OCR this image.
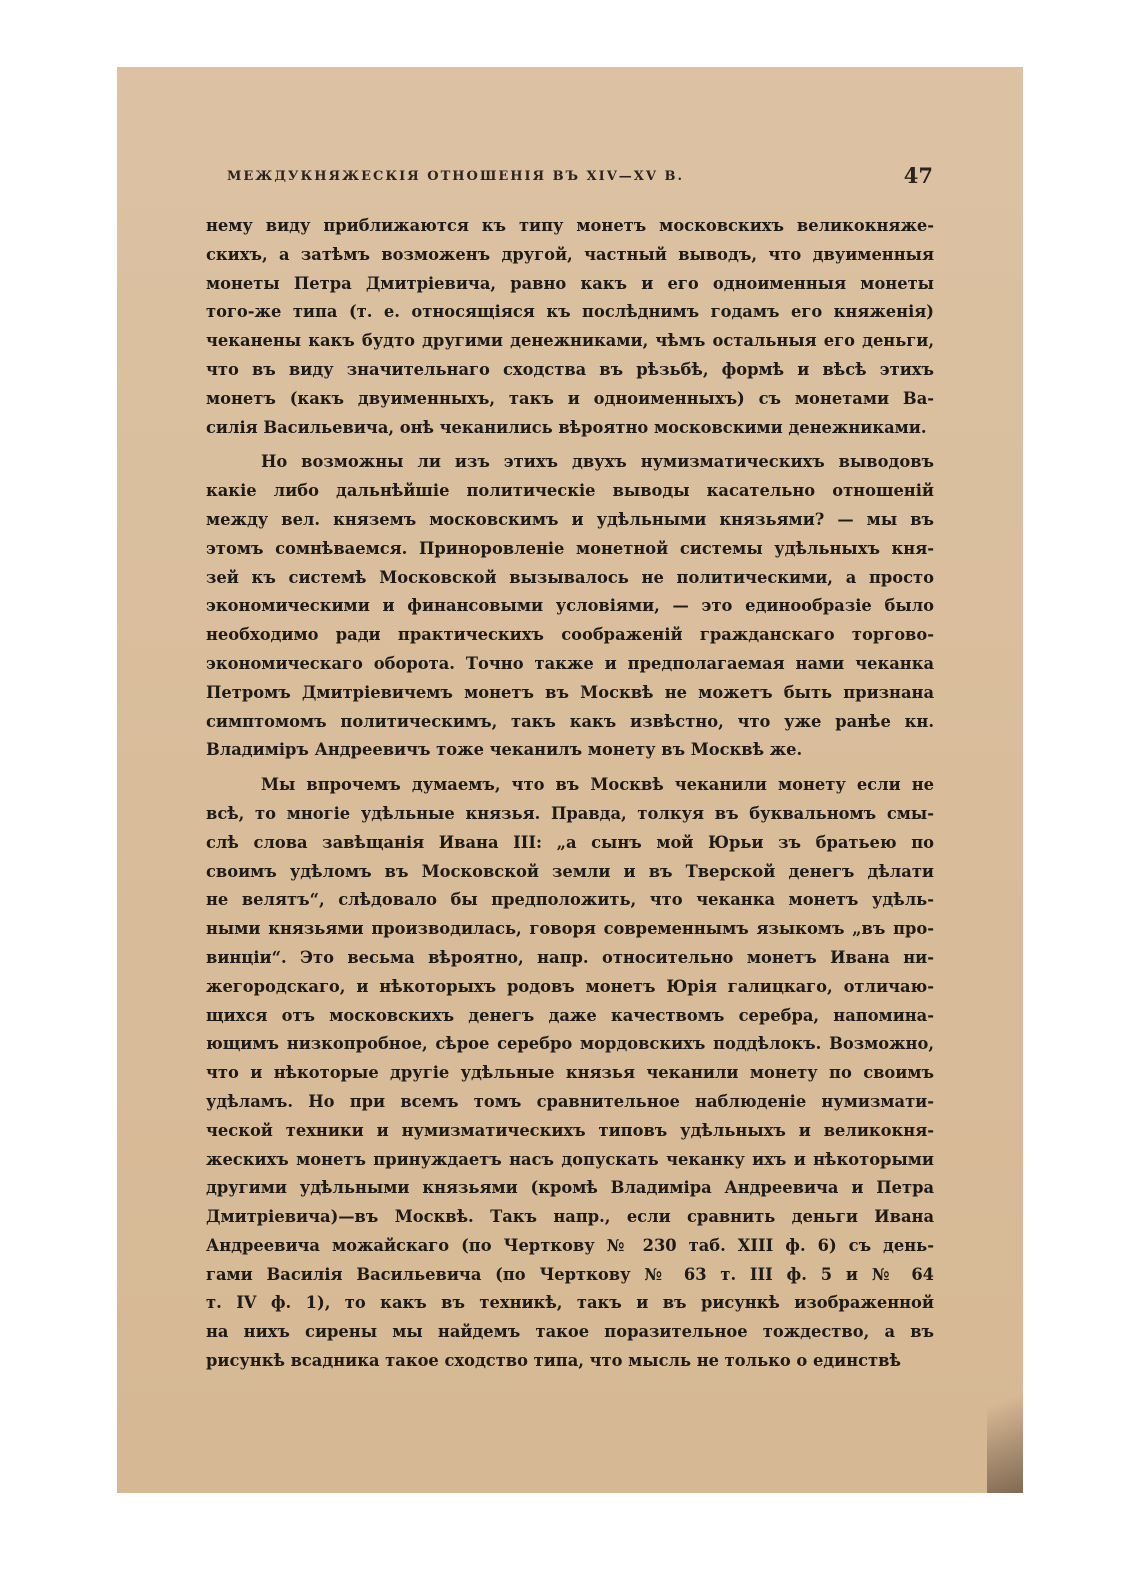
МЕЖДУКНЯЖЕСКІЯ ОТНОШЕНІЯ ВЪ XIV—XV В.	47
нему виду приближаются къ типу монетъ московскихъ великокняже-
скихъ, а затѣмъ возможенъ другой, частный выводъ, что двуименныя
монеты Петра Дмитріевича, равно какъ и его одноименныя монеты
того-же типа (т. е. относящіяся къ послѣднимъ годамъ его княженія)
чеканены какъ будто другими денежниками, чѣмъ остальныя его деньги,
что въ виду значительнаго сходства въ рѣзьбѣ, формѣ и вѣсѣ этихъ
монетъ (какъ двуименныхъ, такъ и одноименныхъ) съ монетами Ва-
силія Васильевича, онѣ чеканились вѣроятно московскими денежниками.
Но возможны ли изъ этихъ двухъ нумизматическихъ выводовъ
какіе либо дальнѣйшіе политическіе выводы касательно отношеній
между вел. княземъ московскимъ и удѣльными князьями? — мы въ
этомъ сомнѣваемся. Приноровленіе монетной системы удѣльныхъ кня-
зей къ системѣ Московской вызывалось не политическими, а просто
экономическими и финансовыми условіями, — это единообразіе было
необходимо ради практическихъ соображеній гражданскаго торгово-
экономическаго оборота. Точно также и предполагаемая нами чеканка
Петромъ Дмитріевичемъ монетъ въ Москвѣ не можетъ быть признана
симптомомъ политическимъ, такъ какъ извѣстно, что уже ранѣе кн.
Владиміръ Андреевичъ тоже чеканилъ монету въ Москвѣ же.
Мы впрочемъ думаемъ, что въ Москвѣ чеканили монету если не
всѣ, то многіе удѣльные князья. Правда, толкуя въ буквальномъ смы-
слѣ слова завѣщанія Ивана III: „а сынъ мой Юрьи зъ братьею по
своимъ удѣломъ въ Московской земли и въ Тверской денегъ дѣлати
не велятъ“, слѣдовало бы предположить, что чеканка монетъ удѣль-
ными князьями производилась, говоря современнымъ языкомъ „въ про-
винціи“. Это весьма вѣроятно, напр. относительно монетъ Ивана ни-
жегородскаго, и нѣкоторыхъ родовъ монетъ Юрія галицкаго, отличаю-
щихся отъ московскихъ денегъ даже качествомъ серебра, напомина-
ющимъ низкопробное, сѣрое серебро мордовскихъ поддѣлокъ. Возможно,
что и нѣкоторые другіе удѣльные князья чеканили монету по своимъ
удѣламъ. Но при всемъ томъ сравнительное наблюденіе нумизмати-
ческой техники и нумизматическихъ типовъ удѣльныхъ и великокня-
жескихъ монетъ принуждаетъ насъ допускать чеканку ихъ и нѣкоторыми
другими удѣльными князьями (кромѣ Владиміра Андреевича и Петра
Дмитріевича)—въ Москвѣ. Такъ напр., если сравнить деньги Ивана
Андреевича можайскаго (по Черткову № 230 таб. XIII ф. 6) съ день-
гами Василія Васильевича (по Черткову № 63 т. III ф. 5 и № 64
т. IV ф. 1), то какъ въ техникѣ, такъ и въ рисункѣ изображенной
на нихъ сирены мы найдемъ такое поразительное тождество, а въ
рисункѣ всадника такое сходство типа, что мысль не только о единствѣ
